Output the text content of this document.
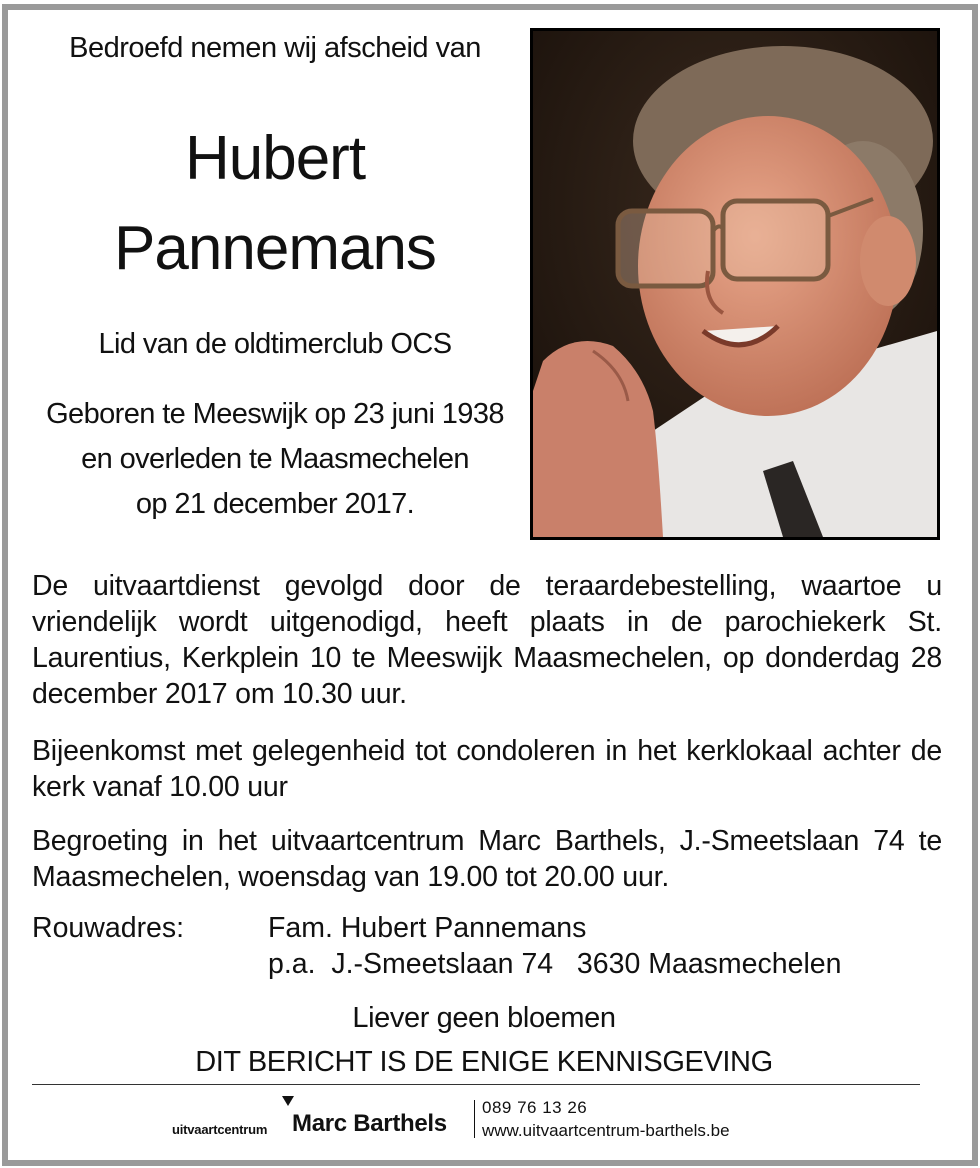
Bedroefd nemen wij afscheid van

Hubert

Pannemans

Lid van de oldtimerclub OCS

Geboren te Meeswijk op 23 juni 1938
en overleden te Maasmechelen
op 21 december 2017.

De uitvaartdienst gevolgd door de teraardebestelling, waartoe u vriendelijk wordt uitgenodigd, heeft plaats in de parochiekerk St. Laurentius, Kerkplein 10 te Meeswijk Maasmechelen, op donderdag 28 december 2017 om 10.30 uur.

Bijeenkomst met gelegenheid tot condoleren in het kerklokaal achter de kerk vanaf 10.00 uur

Begroeting in het uitvaartcentrum Marc Barthels, J.-Smeetslaan 74 te Maasmechelen, woensdag van 19.00 tot 20.00 uur.

Rouwadres:	Fam. Hubert Pannemans

p.a.  J.-Smeetslaan 74   3630 Maasmechelen

Liever geen bloemen

DIT BERICHT IS DE ENIGE KENNISGEVING

uitvaartcentrum Marc Barthels
089 76 13 26
www.uitvaartcentrum-barthels.be
